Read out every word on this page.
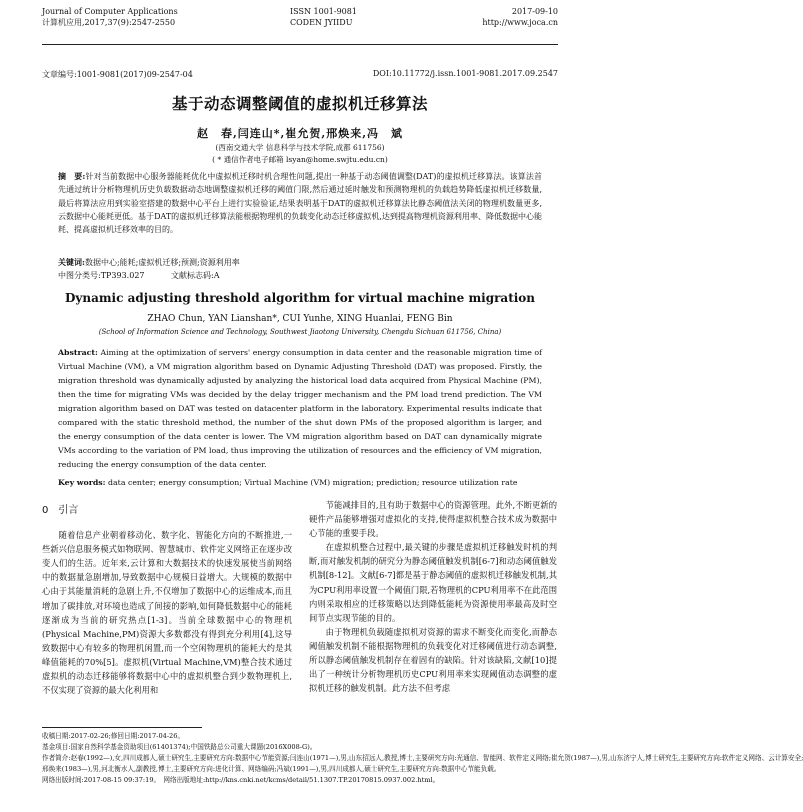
Journal of Computer Applications
计算机应用,2017,37(9):2547-2550
ISSN 1001-9081
CODEN JYIIDU
2017-09-10
http://www.joca.cn
文章编号:1001-9081(2017)09-2547-04	DOI:10.11772/j.issn.1001-9081.2017.09.2547
基于动态调整阈值的虚拟机迁移算法
赵　春,闫连山*,崔允贺,邢焕来,冯　斌
(西南交通大学 信息科学与技术学院,成都 611756)
( * 通信作者电子邮箱 lsyan@home.swjtu.edu.cn)
摘　要:针对当前数据中心服务器能耗优化中虚拟机迁移时机合理性问题,提出一种基于动态阈值调整(DAT)的虚拟机迁移算法。该算法首先通过统计分析物理机历史负载数据动态地调整虚拟机迁移的阈值门限,然后通过延时触发和预测物理机的负载趋势降低虚拟机迁移数量,最后将算法应用到实验室搭建的数据中心平台上进行实验验证,结果表明基于DAT的虚拟机迁移算法比静态阈值法关闭的物理机数量更多,云数据中心能耗更低。基于DAT的虚拟机迁移算法能根据物理机的负载变化动态迁移虚拟机,达到提高物理机资源利用率、降低数据中心能耗、提高虚拟机迁移效率的目的。
关键词:数据中心;能耗;虚拟机迁移;预测;资源利用率
中图分类号:TP393.027	文献标志码:A
Dynamic adjusting threshold algorithm for virtual machine migration
ZHAO Chun, YAN Lianshan*, CUI Yunhe, XING Huanlai, FENG Bin
(School of Information Science and Technology, Southwest Jiaotong University, Chengdu Sichuan 611756, China)
Abstract: Aiming at the optimization of servers' energy consumption in data center and the reasonable migration time of Virtual Machine (VM), a VM migration algorithm based on Dynamic Adjusting Threshold (DAT) was proposed. Firstly, the migration threshold was dynamically adjusted by analyzing the historical load data acquired from Physical Machine (PM), then the time for migrating VMs was decided by the delay trigger mechanism and the PM load trend prediction. The VM migration algorithm based on DAT was tested on datacenter platform in the laboratory. Experimental results indicate that compared with the static threshold method, the number of the shut down PMs of the proposed algorithm is larger, and the energy consumption of the data center is lower. The VM migration algorithm based on DAT can dynamically migrate VMs according to the variation of PM load, thus improving the utilization of resources and the efficiency of VM migration, reducing the energy consumption of the data center.
Key words: data center; energy consumption; Virtual Machine (VM) migration; prediction; resource utilization rate
0　引言

随着信息产业朝着移动化、数字化、智能化方向的不断推进,一些新兴信息服务模式如物联网、智慧城市、软件定义网络正在逐步改变人们的生活。近年来,云计算和大数据技术的快速发展使当前网络中的数据量急剧增加,导致数据中心规模日益增大。大规模的数据中心由于其能量消耗的急剧上升,不仅增加了数据中心的运维成本,而且增加了碳排放,对环境也造成了间接的影响,如何降低数据中心的能耗逐渐成为当前的研究热点[1-3]。当前全球数据中心的物理机(Physical Machine,PM)资源大多数都没有得到充分利用[4],这导致数据中心有较多的物理机闲置,而一个空闲物理机的能耗大约是其峰值能耗的70%[5]。虚拟机(Virtual Machine,VM)整合技术通过虚拟机的动态迁移能够将数据中心中的虚拟机整合到少数物理机上,不仅实现了资源的最大化利用和

节能减排目的,且有助于数据中心的资源管理。此外,不断更新的硬件产品能够增强对虚拟化的支持,使得虚拟机整合技术成为数据中心节能的重要手段。

在虚拟机整合过程中,最关键的步骤是虚拟机迁移触发时机的判断,而对触发机制的研究分为静态阈值触发机制[6-7]和动态阈值触发机制[8-12]。文献[6-7]都是基于静态阈值的虚拟机迁移触发机制,其为CPU利用率设置一个阈值门限,若物理机的CPU利用率不在此范围内则采取相应的迁移策略以达到降低能耗为资源使用率最高及时空间节点实现节能的目的。

由于物理机负载随虚拟机对资源的需求不断变化而变化,而静态阈值触发机制不能根据物理机的负载变化对迁移阈值进行动态调整,所以静态阈值触发机制存在着固有的缺陷。针对该缺陷,文献[10]提出了一种统计分析物理机历史CPU利用率来实现阈值动态调整的虚拟机迁移的触发机制。此方法不但考虑

收稿日期:2017-02-26;修回日期:2017-04-26。
基金项目:国家自然科学基金资助项目(61401374);中国铁路总公司重大课题(2016X008-G)。
作者简介:赵春(1992—),女,四川成都人,硕士研究生,主要研究方向:数据中心节能资源;闫连山(1971—),男,山东招远人,教授,博士,主要研究方向:光通信、智能网、软件定义网络;崔允贺(1987—),男,山东济宁人,博士研究生,主要研究方向:软件定义网络、云计算安全;
邢焕来(1983—),男,河北衡水人,副教授,博士,主要研究方向:进化计算、网络编码;冯斌(1991—),男,四川成都人,硕士研究生,主要研究方向:数据中心节能负载。
网络出版时间:2017-08-15 09:37:19。　网络出版地址:http://kns.cnki.net/kcms/detail/51.1307.TP.20170815.0937.002.html。
